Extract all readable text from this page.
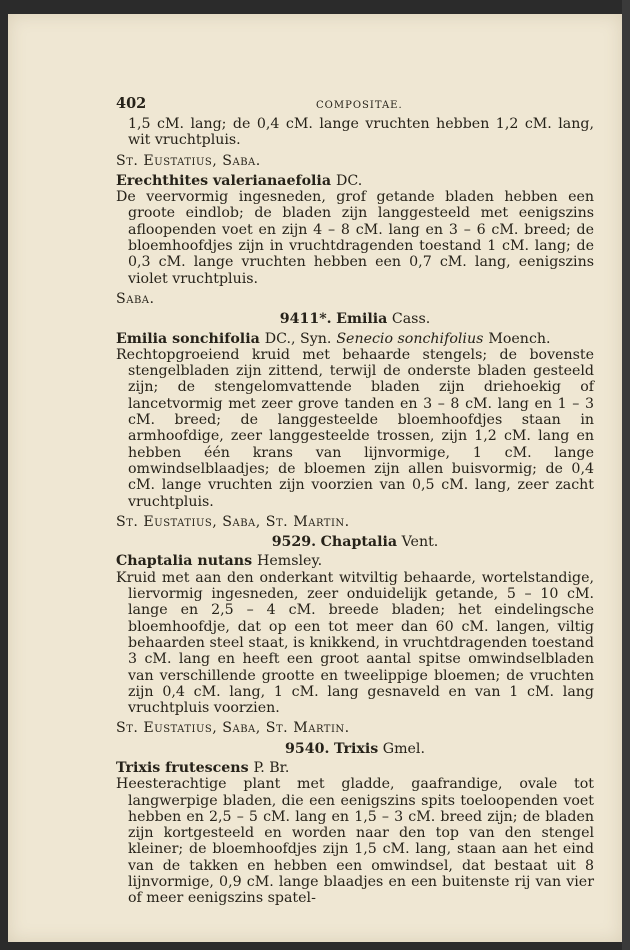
402	COMPOSITAE.

1,5 cM. lang; de 0,4 cM. lange vruchten hebben 1,2 cM. lang, wit vruchtpluis.

St. Eustatius, Saba.

Erechthites valerianaefolia DC.

De veervormig ingesneden, grof getande bladen hebben een groote eindlob; de bladen zijn langgesteeld met eenigszins afloopenden voet en zijn 4 – 8 cM. lang en 3 – 6 cM. breed; de bloemhoofdjes zijn in vruchtdragenden toestand 1 cM. lang; de 0,3 cM. lange vruchten hebben een 0,7 cM. lang, eenigszins violet vruchtpluis.

Saba.

9411*. Emilia Cass.

Emilia sonchifolia DC., Syn. Senecio sonchifolius Moench.

Rechtopgroeiend kruid met behaarde stengels; de bovenste stengelbladen zijn zittend, terwijl de onderste bladen gesteeld zijn; de stengelomvattende bladen zijn driehoekig of lancetvormig met zeer grove tanden en 3 – 8 cM. lang en 1 – 3 cM. breed; de langgesteelde bloemhoofdjes staan in armhoofdige, zeer langgesteelde trossen, zijn 1,2 cM. lang en hebben één krans van lijnvormige, 1 cM. lange omwindselblaadjes; de bloemen zijn allen buisvormig; de 0,4 cM. lange vruchten zijn voorzien van 0,5 cM. lang, zeer zacht vruchtpluis.

St. Eustatius, Saba, St. Martin.

9529. Chaptalia Vent.

Chaptalia nutans Hemsley.

Kruid met aan den onderkant witviltig behaarde, wortelstandige, liervormig ingesneden, zeer onduidelijk getande, 5 – 10 cM. lange en 2,5 – 4 cM. breede bladen; het eindelingsche bloemhoofdje, dat op een tot meer dan 60 cM. langen, viltig behaarden steel staat, is knikkend, in vruchtdragenden toestand 3 cM. lang en heeft een groot aantal spitse omwindselbladen van verschillende grootte en tweelippige bloemen; de vruchten zijn 0,4 cM. lang, 1 cM. lang gesnaveld en van 1 cM. lang vruchtpluis voorzien.

St. Eustatius, Saba, St. Martin.

9540. Trixis Gmel.

Trixis frutescens P. Br.

Heesterachtige plant met gladde, gaafrandige, ovale tot langwerpige bladen, die een eenigszins spits toeloopenden voet hebben en 2,5 – 5 cM. lang en 1,5 – 3 cM. breed zijn; de bladen zijn kortgesteeld en worden naar den top van den stengel kleiner; de bloemhoofdjes zijn 1,5 cM. lang, staan aan het eind van de takken en hebben een omwindsel, dat bestaat uit 8 lijnvormige, 0,9 cM. lange blaadjes en een buitenste rij van vier of meer eenigszins spatel-
